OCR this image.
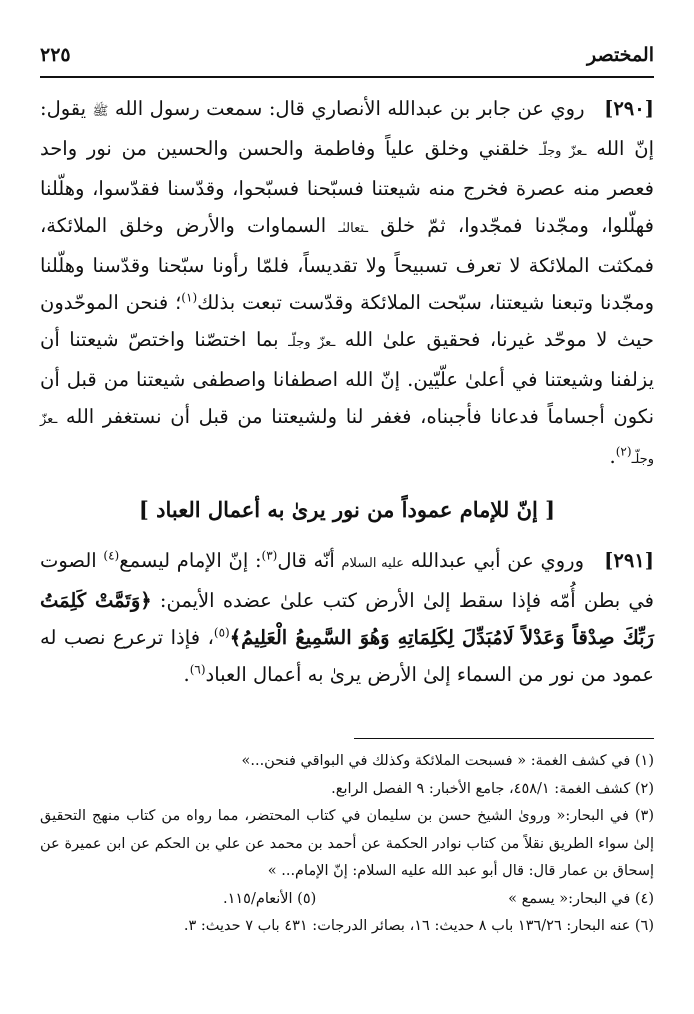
المختصر
٢٢٥

[٢٩٠]   روي عن جابر بن عبدالله الأنصاري قال: سمعت رسول الله ﷺ يقول: إنّ الله ـعزّ وجلّـ خلقني وخلق علياً وفاطمة والحسن والحسين من نور واحد فعصر منه عصرة فخرج منه شيعتنا فسبّحنا فسبّحوا، وقدّسنا فقدّسوا، وهلّلنا فهلّلوا، ومجّدنا فمجّدوا، ثمّ خلق ـتعالىٰـ السماوات والأرض وخلق الملائكة، فمكثت الملائكة لا تعرف تسبيحاً ولا تقديساً، فلمّا رأونا سبّحنا وقدّسنا وهلّلنا ومجّدنا وتبعنا شيعتنا، سبّحت الملائكة وقدّست تبعت بذلك$^{(١)}$؛ فنحن الموحّدون حيث لا موحّد غيرنا، فحقيق علىٰ الله ـعزّ وجلّـ بما اختصّنا واختصّ شيعتنا أن يزلفنا وشيعتنا في أعلىٰ علّيّين. إنّ الله اصطفانا واصطفى شيعتنا من قبل أن نكون أجساماً فدعانا فأجبناه، فغفر لنا ولشيعتنا من قبل أن نستغفر الله ـعزّ وجلّـ$^{(٢)}$.

[ إنّ للإمام عموداً من نور يرىٰ به أعمال العباد ]

[٢٩١]   وروي عن أبي عبدالله عليه السلام أنّه قال$^{(٣)}$: إنّ الإمام ليسمع$^{(٤)}$ الصوت في بطن أُمّه فإذا سقط إلىٰ الأرض كتب علىٰ عضده الأيمن: ﴿وَتَمَّتْ كَلِمَتُ رَبِّكَ صِدْقاً وَعَدْلاً لَامُبَدِّلَ لِكَلِمَاتِهِ وَهُوَ السَّمِيعُ الْعَلِيمُ﴾$^{(٥)}$، فإذا ترعرع نصب له عمود من نور من السماء إلىٰ الأرض يرىٰ به أعمال العباد$^{(٦)}$.

(١) في كشف الغمة: « فسبحت الملائكة وكذلك في البواقي فنحن...»

(٢) كشف الغمة: ٤٥٨/١، جامع الأخبار: ٩ الفصل الرابع.

(٣) في البحار:« وروىٰ الشيخ حسن بن سليمان في كتاب المحتضر، مما رواه من كتاب منهج التحقيق إلىٰ سواء الطريق نقلاً من كتاب نوادر الحكمة عن أحمد بن محمد عن علي بن الحكم عن ابن عميرة عن إسحاق بن عمار قال: قال أبو عبد الله عليه السلام: إنّ الإمام... »

(٤) في البحار:« يسمع »

(٥) الأنعام/١١٥.

(٦) عنه البحار: ١٣٦/٢٦ باب ٨ حديث: ١٦، بصائر الدرجات: ٤٣١ باب ٧ حديث: ٣.
